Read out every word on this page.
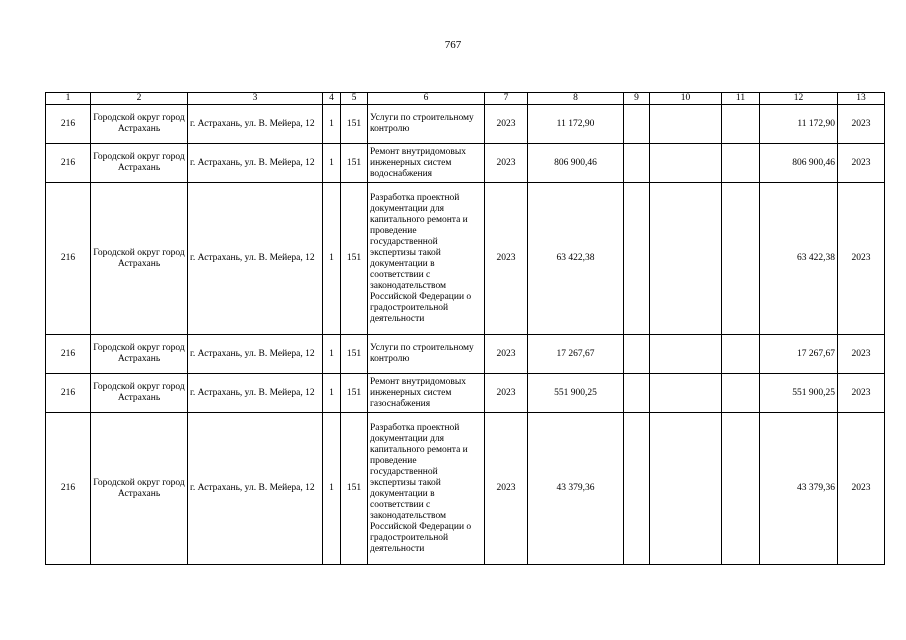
767
1	2	3	4	5	6	7	8	9	10	11	12	13
216	Городской округ город Астрахань	г. Астрахань, ул. В. Мейера, 12	1	151	Услуги по строительному контролю	2023	11 172,90				11 172,90	2023
216	Городской округ город Астрахань	г. Астрахань, ул. В. Мейера, 12	1	151	Ремонт внутридомовых инженерных систем водоснабжения	2023	806 900,46				806 900,46	2023
216	Городской округ город Астрахань	г. Астрахань, ул. В. Мейера, 12	1	151	Разработка проектной документации для капитального ремонта и проведение государственной экспертизы такой документации в соответствии с законодательством Российской Федерации о градостроительной деятельности	2023	63 422,38				63 422,38	2023
216	Городской округ город Астрахань	г. Астрахань, ул. В. Мейера, 12	1	151	Услуги по строительному контролю	2023	17 267,67				17 267,67	2023
216	Городской округ город Астрахань	г. Астрахань, ул. В. Мейера, 12	1	151	Ремонт внутридомовых инженерных систем газоснабжения	2023	551 900,25				551 900,25	2023
216	Городской округ город Астрахань	г. Астрахань, ул. В. Мейера, 12	1	151	Разработка проектной документации для капитального ремонта и проведение государственной экспертизы такой документации в соответствии с законодательством Российской Федерации о градостроительной деятельности	2023	43 379,36				43 379,36	2023
